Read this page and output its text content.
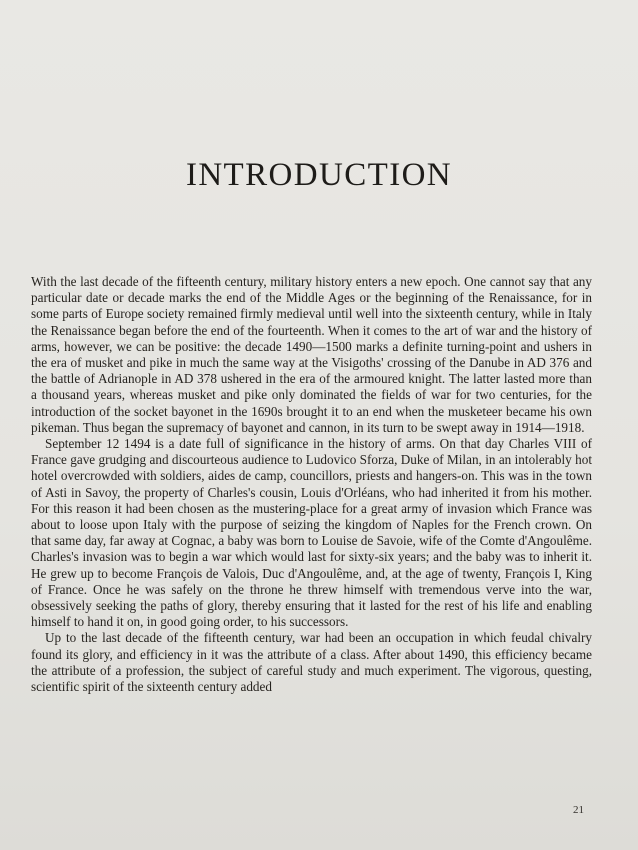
INTRODUCTION

With the last decade of the fifteenth century, military history enters a new epoch. One cannot say that any particular date or decade marks the end of the Middle Ages or the beginning of the Renaissance, for in some parts of Europe society remained firmly medieval until well into the sixteenth century, while in Italy the Renaissance began before the end of the fourteenth. When it comes to the art of war and the history of arms, however, we can be positive: the decade 1490—1500 marks a definite turning-point and ushers in the era of musket and pike in much the same way at the Visigoths' crossing of the Danube in AD 376 and the battle of Adrianople in AD 378 ushered in the era of the armoured knight. The latter lasted more than a thousand years, whereas musket and pike only dominated the fields of war for two centuries, for the introduction of the socket bayonet in the 1690s brought it to an end when the musketeer became his own pikeman. Thus began the supremacy of bayonet and cannon, in its turn to be swept away in 1914—1918.

September 12 1494 is a date full of significance in the history of arms. On that day Charles VIII of France gave grudging and discourteous audience to Ludovico Sforza, Duke of Milan, in an intolerably hot hotel overcrowded with soldiers, aides de camp, councillors, priests and hangers-on. This was in the town of Asti in Savoy, the property of Charles's cousin, Louis d'Orléans, who had inherited it from his mother. For this reason it had been chosen as the mustering-place for a great army of invasion which France was about to loose upon Italy with the purpose of seizing the kingdom of Naples for the French crown. On that same day, far away at Cognac, a baby was born to Louise de Savoie, wife of the Comte d'Angoulême. Charles's invasion was to begin a war which would last for sixty-six years; and the baby was to inherit it. He grew up to become François de Valois, Duc d'Angoulême, and, at the age of twenty, François I, King of France. Once he was safely on the throne he threw himself with tremendous verve into the war, obsessively seeking the paths of glory, thereby ensuring that it lasted for the rest of his life and enabling himself to hand it on, in good going order, to his successors.

Up to the last decade of the fifteenth century, war had been an occupation in which feudal chivalry found its glory, and efficiency in it was the attribute of a class. After about 1490, this efficiency became the attribute of a profession, the subject of careful study and much experiment. The vigorous, questing, scientific spirit of the sixteenth century added

21
